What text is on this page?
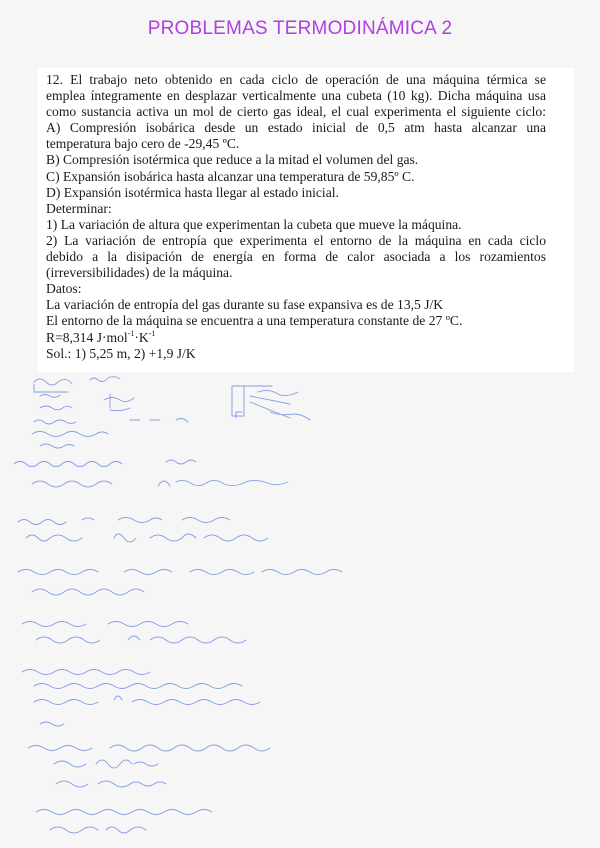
PROBLEMAS TERMODINÁMICA 2
12. El trabajo neto obtenido en cada ciclo de operación de una máquina térmica se
emplea íntegramente en desplazar verticalmente una cubeta (10 kg). Dicha máquina usa
como sustancia activa un mol de cierto gas ideal, el cual experimenta el siguiente ciclo:
A) Compresión isobárica desde un estado inicial de 0,5 atm hasta alcanzar una
temperatura bajo cero de -29,45 ºC.
B) Compresión isotérmica que reduce a la mitad el volumen del gas.
C) Expansión isobárica hasta alcanzar una temperatura de 59,85º C.
D) Expansión isotérmica hasta llegar al estado inicial.
Determinar:
1) La variación de altura que experimentan la cubeta que mueve la máquina.
2) La variación de entropía que experimenta el entorno de la máquina en cada ciclo
debido a la disipación de energía en forma de calor asociada a los rozamientos
(irreversibilidades) de la máquina.
Datos:
La variación de entropía del gas durante su fase expansiva es de 13,5 J/K
El entorno de la máquina se encuentra a una temperatura constante de 27 ºC.
R=8,314 $J\cdot mol^{-1}\cdot K^{-1}$
Sol.: 1) 5,25 m, 2) +1,9 J/K
